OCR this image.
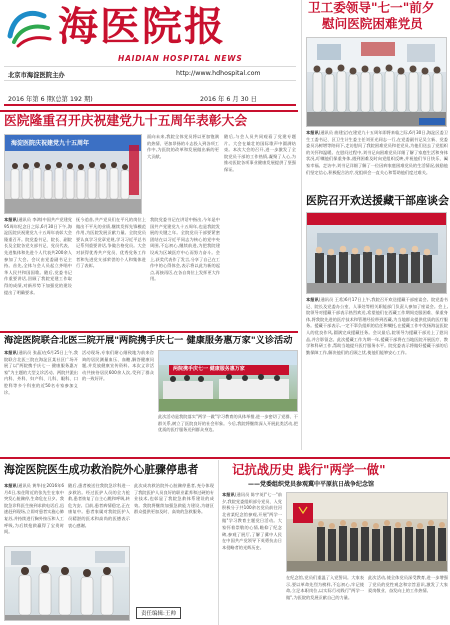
海医院报
HAIDIAN HOSPITAL NEWS
北京市海淀医院主办	http://www.hdhospital.com
2016 年第 6 期(总第 192 期)	2016 年 6 月 30 日
卫工委领导"七一"前夕
慰问医院困难党员
本报讯(通讯员 曲建宝)在建党九十五周年即将来临之际,6月30日,海淀区委卫生工委书记、区卫生计生委主任刘亚光同志一行,在党委副书记吴立新、党委委员冯树增等陪同下,走访慰问了我院困难党员和老党员,为他们送去了党组织的关怀和温暖。在慰问过程中,刘书记向困难党员详细了解了家庭生活和身体状况,叮嘱他们保重身体,遇到困难及时向党组织反映,并祝他们节日快乐、阖家幸福。走访中,刘书记详细了解了一位因病家庭困难党员的生活情况,鼓励他们坚定信心,积极配合治疗,党组织会一直关心和帮助他们度过难关。
医院隆重召开庆祝建党九十五周年表彰大会
海淀医院庆祝建党九十五周年
本报讯(通讯员 李鸿)中国共产党建党95周年纪念日之际,6月30日下午,海淀医院庆祝建党九十五周年表彰大会隆重召开。院党委书记、院长、副院长及全院各党支部书记、党员代表、先进集体和先进个人代表共200余人参加了大会。会议由党委副书记主持。首先,全体与会人员起立齐唱中华人民共和国国歌。随后,党委书记作重要讲话,回顾了我院党建工作取得的成绩,对新形势下加强党的建设提出了明确要求。
抚今追昔,共产党员们在平凡的岗位上做出不平凡的业绩,继续发挥先锋模范作用,为医院发展贡献力量。全院党员要认真学习党章党规,学习习近平总书记系列重要讲话,争做合格党员。大会对获得优秀共产党员、优秀党务工作者和先进党支部荣誉的个人和集体进行了表彰。
面向未来,我院全体党员将以更加饱满的热情、更加昂扬的斗志投入到各项工作中,为医院的改革和发展做出新的更大贡献。
我院党委书记在讲话中指出,今年是中国共产党建党九十五周年,也是我院发展的关键之年。全院党员干部要紧密团结在以习近平同志为核心的党中央周围,不忘初心,继续前进,为把我院建设成为区域医疗中心而努力奋斗。会上,获奖代表作了发言,分享了自己在工作中的心得体会,表示将以此为新的起点,再接再厉,在各自岗位上发挥更大作用。
随后,与会人员共同观看了党建专题片。大会在雄壮的国际歌声中圆满结束。本次大会的召开,进一步激发了全院党员干部的工作热情,凝聚了人心,为推动医院各项事业健康发展提供了坚强保证。
医院召开欢送援藏干部座谈会
本报讯(通讯员 王希)6月17日上午,我院召开欢送援藏干部座谈会。院党委书记、院长及党委办公室、人事处等相关职能部门负责人参加了座谈会。会上,院领导对援藏干部表示热烈欢送,希望他们在西藏工作期间克服困难、保重身体,将我院先进的医疗技术和管理经验带到西藏,为当地群众提供优质的医疗服务。援藏干部表示,一定不辜负组织的信任和嘱托,在援藏工作中发扬海淀医院人的优良作风,圆满完成援藏任务。会议最后,院领导为援藏干部送上了慰问品,并合影留念。此次援藏工作为期一年,援藏干部将在当地医院开展医疗、教学和科研工作,帮助当地提升医疗服务水平。院党委表示将做好援藏干部的后勤保障工作,解决他们的后顾之忧,使他们能够安心工作。
海淀医院联合北医三院开展"两院携手庆七一 健康服务惠万家"义诊活动
本报讯(通讯员 张晶)在6月25日上午,我院联合北医三院在海淀区某社区广场开展了以"两院携手庆七一 健康服务惠万家"为主题的大型义诊活动。两院共派出内科、外科、妇产科、儿科、眼科、口腔科等多个科室的近50名专家参加义诊。
活动现场,专家们耐心细致地为前来咨询的居民测量血压、血糖,解答健康问题,并发放健康宣传资料。本次义诊活动共接待居民600余人次,受到了群众的一致好评。
两院携手庆七一 健康服务惠万家
此次活动是我院落实"两学一做"学习教育的具体举措,进一步密切了党群、干群关系,树立了医院良好的社会形象。今后,我院将继续深入开展此类活动,把优质的医疗服务送到群众身边。
海淀医院医生成功救治院外心脏骤停患者
本报讯(通讯员 黄华)在2016年6月4日,家住附近的张先生在家中突发心脏骤停,生命危在旦夕。我院急诊科医生接到求救电话后,迅速赶到现场,立即对患者实施心肺复苏,并持续进行胸外按压和人工呼吸,为后续抢救赢得了宝贵时间。
随后,患者被送往我院急诊科进一步救治。经过医护人员的全力抢救,患者恢复了自主心跳和呼吸,转危为安。目前,患者病情稳定,正在康复中。患者家属对我院医护人员精湛的医术和高尚的医德表示衷心感谢。
此次成功救治院外心脏骤停患者,充分体现了我院医护人员良好的职业素养和过硬的专业技术,也彰显了我院急救体系建设的成效。我院将继续加强急救能力建设,为辖区群众提供更加及时、高效的急救服务。
责任编辑:王帅
记抗战历史 践行"两学一做"
——党委组织党员参观冀中平原抗日战争纪念馆
本报讯(通讯员 陈宇英)"七一"前夕,我院党委组织部分党员、入党积极分子共100余名党员前往河北省某纪念馆参观,开展"两学一做"学习教育主题党日活动。大家怀着崇敬的心情,瞻仰了纪念碑,参观了展厅,了解了冀中人民在中国共产党领导下英勇抗击日本侵略者的光辉历史。
在纪念馆,党员们重温了入党誓词。大家表示,要以革命先烈为榜样,不忘初心,牢记使命,立足本职岗位,以实际行动践行"两学一做",为医院的发展贡献自己的力量。
此次活动,使全体党员深受教育,进一步增强了党员的党性观念和宗旨意识,激发了大家爱岗敬业、奋发向上的工作热情。
